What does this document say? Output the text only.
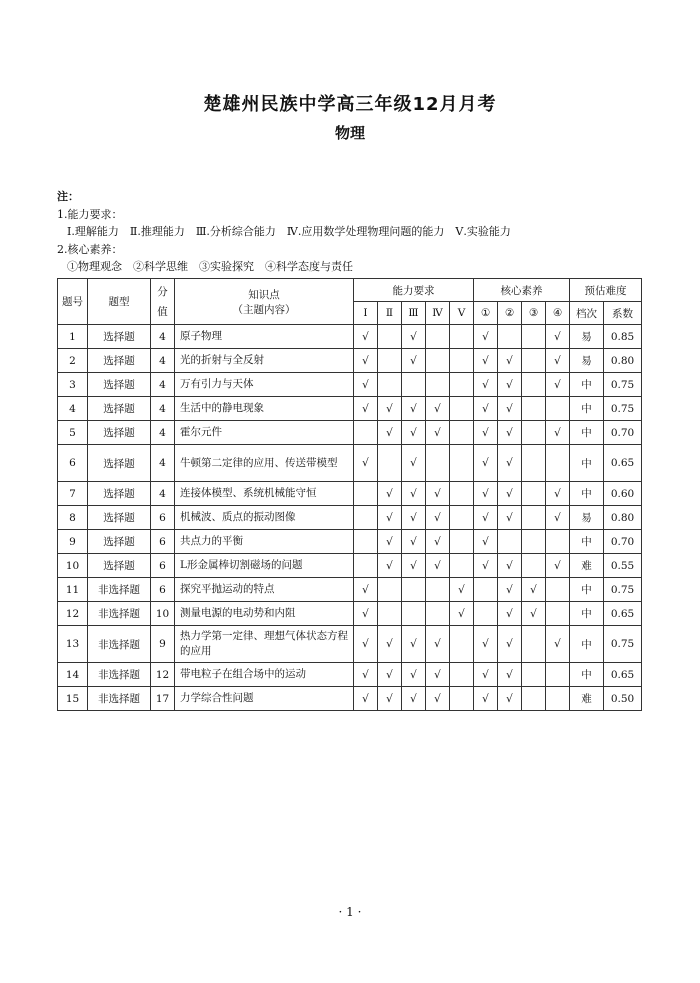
楚雄州民族中学高三年级12月月考
物理
注：
1.能力要求：
Ⅰ.理解能力　Ⅱ.推理能力　Ⅲ.分析综合能力　Ⅳ.应用数学处理物理问题的能力　Ⅴ.实验能力
2.核心素养：
①物理观念　②科学思维　③实验探究　④科学态度与责任
题号	题型	分值	知识点
（主题内容）	能力要求					核心素养				预估难度	
				Ⅰ	Ⅱ	Ⅲ	Ⅳ	Ⅴ	①	②	③	④	档次	系数
1	选择题	4	原子物理	√		√			√			√	易	0.85
2	选择题	4	光的折射与全反射	√		√			√	√		√	易	0.80
3	选择题	4	万有引力与天体	√					√	√		√	中	0.75
4	选择题	4	生活中的静电现象	√	√	√	√		√	√			中	0.75
5	选择题	4	霍尔元件		√	√	√		√	√		√	中	0.70
6	选择题	4	牛顿第二定律的应用、传送带模型	√		√			√	√			中	0.65
7	选择题	4	连接体模型、系统机械能守恒		√	√	√		√	√		√	中	0.60
8	选择题	6	机械波、质点的振动图像		√	√	√		√	√		√	易	0.80
9	选择题	6	共点力的平衡		√	√	√		√				中	0.70
10	选择题	6	L形金属棒切割磁场的问题		√	√	√		√	√		√	难	0.55
11	非选择题	6	探究平抛运动的特点	√				√		√	√		中	0.75
12	非选择题	10	测量电源的电动势和内阻	√				√		√	√		中	0.65
13	非选择题	9	热力学第一定律、理想气体状态方程的应用	√	√	√	√		√	√		√	中	0.75
14	非选择题	12	带电粒子在组合场中的运动	√	√	√	√		√	√			中	0.65
15	非选择题	17	力学综合性问题	√	√	√	√		√	√			难	0.50
· 1 ·
